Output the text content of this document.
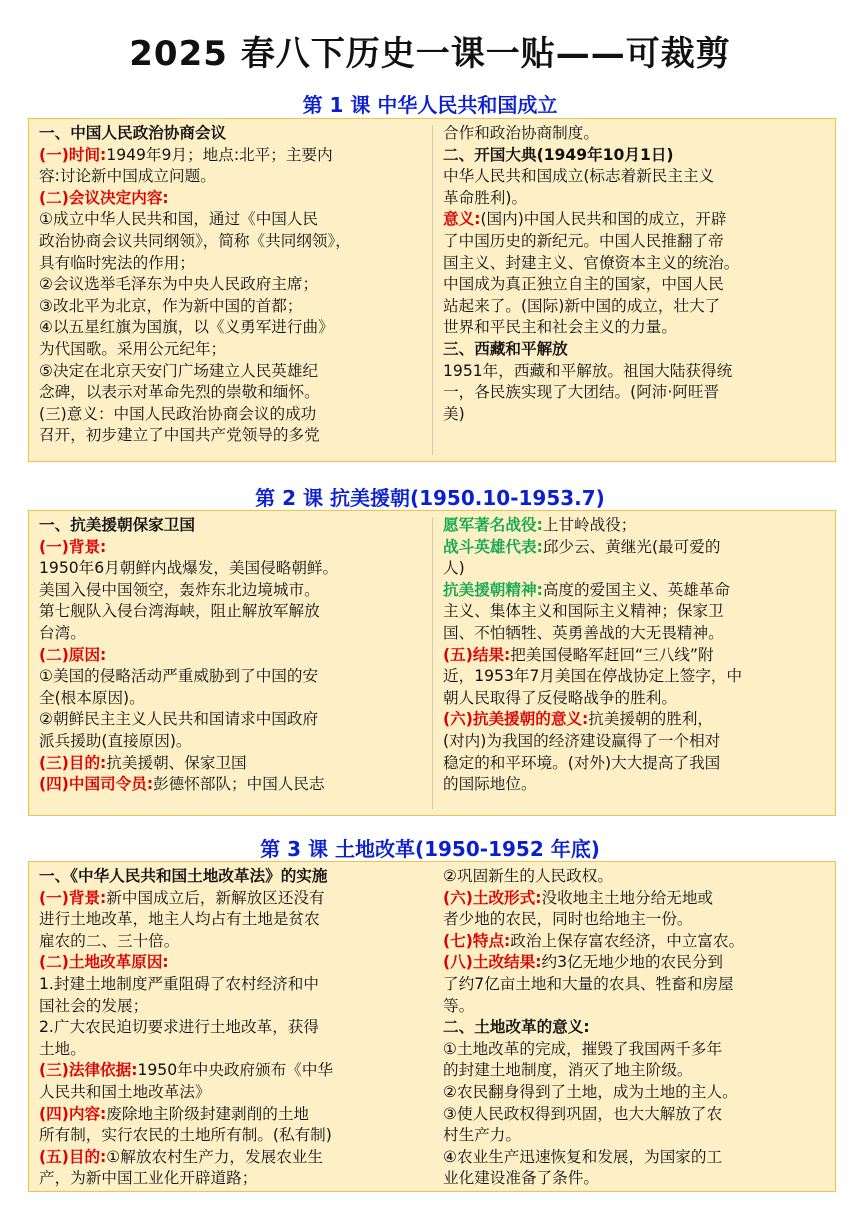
2025 春八下历史一课一贴——可裁剪
第 1 课 中华人民共和国成立
一、中国人民政治协商会议
(一)时间:1949年9月；地点:北平；主要内
容:讨论新中国成立问题。
(二)会议决定内容:
①成立中华人民共和国，通过《中国人民
政治协商会议共同纲领》，简称《共同纲领》，
具有临时宪法的作用；
②会议选举毛泽东为中央人民政府主席；
③改北平为北京，作为新中国的首都；
④以五星红旗为国旗，以《义勇军进行曲》
为代国歌。采用公元纪年；
⑤决定在北京天安门广场建立人民英雄纪
念碑，以表示对革命先烈的崇敬和缅怀。
(三)意义：中国人民政治协商会议的成功
召开，初步建立了中国共产党领导的多党
合作和政治协商制度。
二、开国大典(1949年10月1日)
中华人民共和国成立(标志着新民主主义
革命胜利)。
意义:(国内)中国人民共和国的成立，开辟
了中国历史的新纪元。中国人民推翻了帝
国主义、封建主义、官僚资本主义的统治。
中国成为真正独立自主的国家，中国人民
站起来了。(国际)新中国的成立，壮大了
世界和平民主和社会主义的力量。
三、西藏和平解放
1951年，西藏和平解放。祖国大陆获得统
一，各民族实现了大团结。(阿沛·阿旺晋
美)
第 2 课 抗美援朝(1950.10-1953.7)
一、抗美援朝保家卫国
(一)背景:
1950年6月朝鲜内战爆发，美国侵略朝鲜。
美国入侵中国领空，轰炸东北边境城市。
第七舰队入侵台湾海峡，阻止解放军解放
台湾。
(二)原因:
①美国的侵略活动严重威胁到了中国的安
全(根本原因)。
②朝鲜民主主义人民共和国请求中国政府
派兵援助(直接原因)。
(三)目的:抗美援朝、保家卫国
(四)中国司令员:彭德怀部队；中国人民志
愿军著名战役:上甘岭战役；
战斗英雄代表:邱少云、黄继光(最可爱的
人)
抗美援朝精神:高度的爱国主义、英雄革命
主义、集体主义和国际主义精神；保家卫
国、不怕牺牲、英勇善战的大无畏精神。
(五)结果:把美国侵略军赶回“三八线”附
近，1953年7月美国在停战协定上签字，中
朝人民取得了反侵略战争的胜利。
(六)抗美援朝的意义:抗美援朝的胜利，
(对内)为我国的经济建设赢得了一个相对
稳定的和平环境。(对外)大大提高了我国
的国际地位。
第 3 课 土地改革(1950-1952 年底)
一、《中华人民共和国土地改革法》的实施
(一)背景:新中国成立后，新解放区还没有
进行土地改革，地主人均占有土地是贫农
雇农的二、三十倍。
(二)土地改革原因:
1.封建土地制度严重阻碍了农村经济和中
国社会的发展；
2.广大农民迫切要求进行土地改革，获得
土地。
(三)法律依据:1950年中央政府颁布《中华
人民共和国土地改革法》
(四)内容:废除地主阶级封建剥削的土地
所有制，实行农民的土地所有制。(私有制)
(五)目的:①解放农村生产力，发展农业生
产，为新中国工业化开辟道路；
②巩固新生的人民政权。
(六)土改形式:没收地主土地分给无地或
者少地的农民，同时也给地主一份。
(七)特点:政治上保存富农经济，中立富农。
(八)土改结果:约3亿无地少地的农民分到
了约7亿亩土地和大量的农具、牲畜和房屋
等。
二、土地改革的意义:
①土地改革的完成，摧毁了我国两千多年
的封建土地制度，消灭了地主阶级。
②农民翻身得到了土地，成为土地的主人。
③使人民政权得到巩固，也大大解放了农
村生产力。
④农业生产迅速恢复和发展，为国家的工
业化建设准备了条件。
